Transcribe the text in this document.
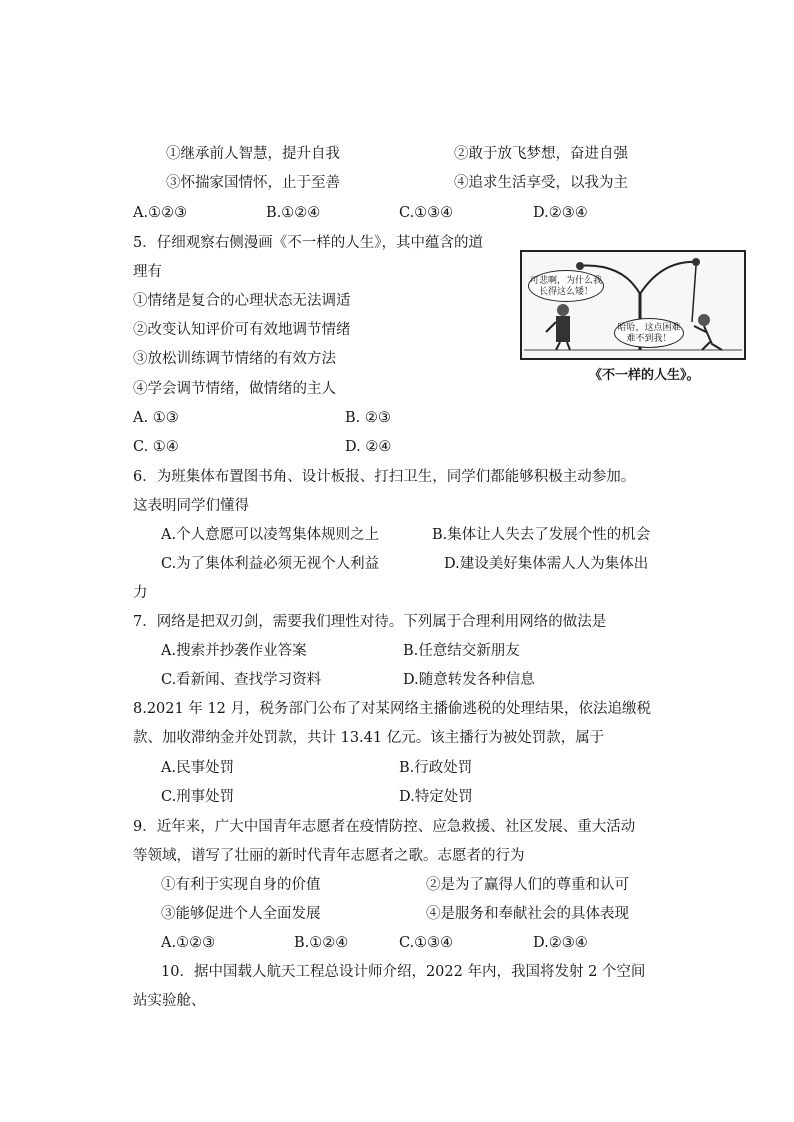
①继承前人智慧，提升自我	②敢于放飞梦想，奋进自强
③怀揣家国情怀，止于至善	④追求生活享受，以我为主
A.①②③	B.①②④	C.①③④	D.②③④
5．仔细观察右侧漫画《不一样的人生》，其中蕴含的道
理有
①情绪是复合的心理状态无法调适
②改变认知评价可有效地调节情绪
③放松训练调节情绪的有效方法
④学会调节情绪，做情绪的主人
A. ①③	B. ②③
C. ①④	D. ②④
可悲啊，为什么我长得这么矮！
哈哈，这点困难难不到我！
《不一样的人生》。
6．为班集体布置图书角、设计板报、打扫卫生，同学们都能够积极主动参加。
这表明同学们懂得
A.个人意愿可以凌驾集体规则之上	B.集体让人失去了发展个性的机会
C.为了集体利益必须无视个人利益	D.建设美好集体需人人为集体出
力
7．网络是把双刃剑，需要我们理性对待。下列属于合理利用网络的做法是
A.搜索并抄袭作业答案	B.任意结交新朋友
C.看新闻、查找学习资料	D.随意转发各种信息
8.2021 年 12 月，税务部门公布了对某网络主播偷逃税的处理结果，依法追缴税
款、加收滞纳金并处罚款，共计 13.41 亿元。该主播行为被处罚款，属于
A.民事处罚	B.行政处罚
C.刑事处罚	D.特定处罚
9．近年来，广大中国青年志愿者在疫情防控、应急救援、社区发展、重大活动
等领域，谱写了壮丽的新时代青年志愿者之歌。志愿者的行为
①有利于实现自身的价值	②是为了赢得人们的尊重和认可
③能够促进个人全面发展	④是服务和奉献社会的具体表现
A.①②③	B.①②④	C.①③④	D.②③④
10．据中国载人航天工程总设计师介绍，2022 年内，我国将发射 2 个空间
站实验舱、
